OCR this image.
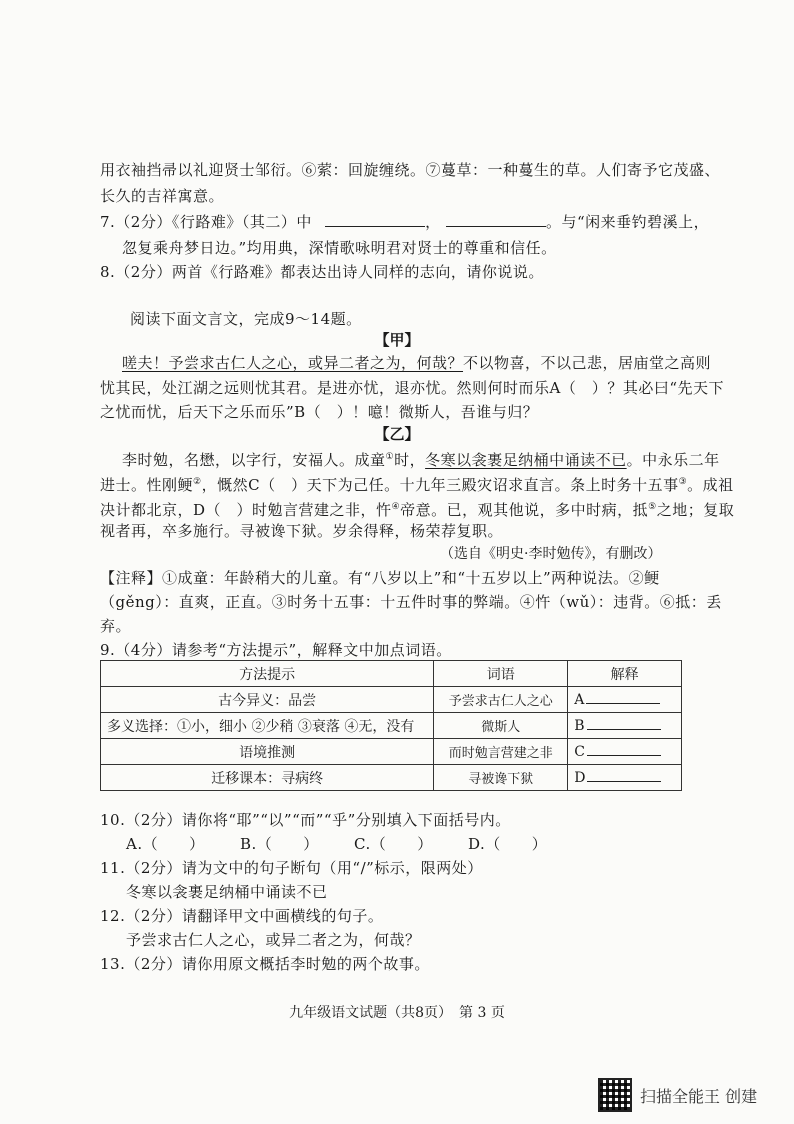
用衣袖挡帚以礼迎贤士邹衍。⑥萦：回旋缠绕。⑦蔓草：一种蔓生的草。人们寄予它茂盛、
长久的吉祥寓意。
7.（2分）《行路难》（其二）中	，	。与“闲来垂钓碧溪上，
忽复乘舟梦日边。”均用典，深情歌咏明君对贤士的尊重和信任。
8.（2分）两首《行路难》都表达出诗人同样的志向，请你说说。
阅读下面文言文，完成9～14题。
【甲】
嗟夫！予尝求古仁人之心，或异二者之为，何哉？不以物喜，不以己悲，居庙堂之高则
忧其民，处江湖之远则忧其君。是进亦忧，退亦忧。然则何时而乐A（　）？其必曰“先天下
之忧而忧，后天下之乐而乐”B（　）！噫！微斯人，吾谁与归？
【乙】
李时勉，名懋，以字行，安福人。成童①时，冬寒以衾裹足纳桶中诵读不已。中永乐二年
进士。性刚鲠②，慨然C（　）天下为己任。十九年三殿灾诏求直言。条上时务十五事③。成祖
决计都北京，D（　）时勉言营建之非，忤④帝意。已，观其他说，多中时病，抵⑤之地；复取
视者再，卒多施行。寻被谗下狱。岁余得释，杨荣荐复职。
（选自《明史·李时勉传》，有删改）
【注释】①成童：年龄稍大的儿童。有“八岁以上”和“十五岁以上”两种说法。②鲠
（gěng）：直爽，正直。③时务十五事：十五件时事的弊端。④忤（wǔ）：违背。⑥抵：丢
弃。
9.（4分）请参考“方法提示”，解释文中加点词语。
方法提示	词语	解释
古今异义：品尝	予尝求古仁人之心	A
多义选择：①小，细小 ②少稍 ③衰落 ④无，没有	微斯人	B
语境推测	而时勉言营建之非	C
迁移课本：寻病终	寻被谗下狱	D
10.（2分）请你将“耶”“以”“而”“乎”分别填入下面括号内。
A.（　　） B.（　　） C.（　　） D.（　　）
11.（2分）请为文中的句子断句（用“/”标示，限两处）
冬寒以衾裹足纳桶中诵读不已
12.（2分）请翻译甲文中画横线的句子。
予尝求古仁人之心，或异二者之为，何哉？
13.（2分）请你用原文概括李时勉的两个故事。
九年级语文试题（共8页）　第 3 页
扫描全能王 创建
